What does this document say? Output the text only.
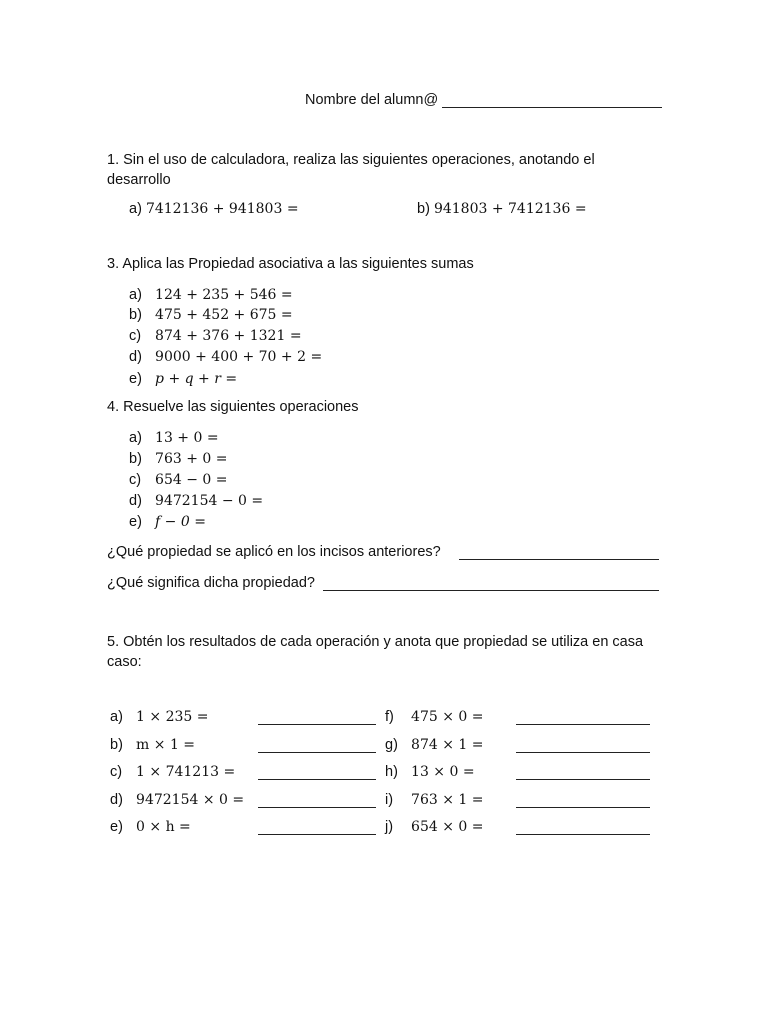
Nombre del alumn@
1. Sin el uso de calculadora, realiza las siguientes operaciones, anotando el desarrollo
a) 7412136 + 941803 =	b) 941803 + 7412136 =
3. Aplica las Propiedad asociativa a las siguientes sumas
a) 124 + 235 + 546 =
b) 475 + 452 + 675 =
c) 874 + 376 + 1321 =
d) 9000 + 400 + 70 + 2 =
e) p + q + r =
4. Resuelve las siguientes operaciones
a) 13 + 0 =
b) 763 + 0 =
c) 654 − 0 =
d) 9472154 − 0 =
e) f − 0 =
¿Qué propiedad se aplicó en los incisos anteriores?
¿Qué significa dicha propiedad?
5. Obtén los resultados de cada operación y anota que propiedad se utiliza en casa caso:
a) 1 × 235 =
b) m × 1 =
c) 1 × 741213 =
d) 9472154 × 0 =
e) 0 × h =
f) 475 × 0 =
g) 874 × 1 =
h) 13 × 0 =
i) 763 × 1 =
j) 654 × 0 =
